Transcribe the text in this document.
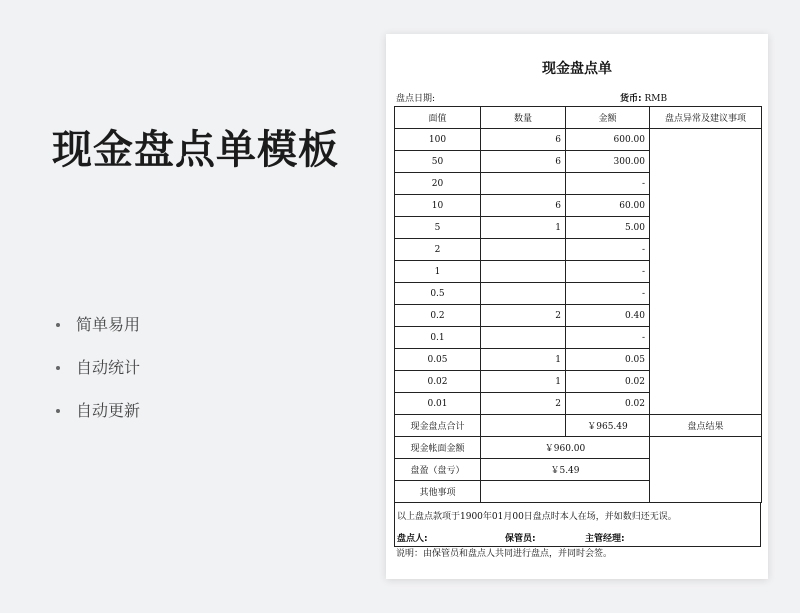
现金盘点单模板
简单易用
自动统计
自动更新
现金盘点单
盘点日期:	货币: RMB
面值	数量	金额	盘点异常及建议事项
100	6	600.00	
50	6	300.00	
20		-	
10	6	60.00	
5	1	5.00	
2		-	
1		-	
0.5		-	
0.2	2	0.40	
0.1		-	
0.05	1	0.05	
0.02	1	0.02	
0.01	2	0.02	
现金盘点合计		￥965.49	盘点结果
现金帐面金额	￥960.00		
盘盈（盘亏）	￥5.49		
其他事项			
以上盘点款项于1900年01月00日盘点时本人在场，并如数归还无误。
盘点人:	保管员:	主管经理:
说明：由保管员和盘点人共同进行盘点，并同时会签。
